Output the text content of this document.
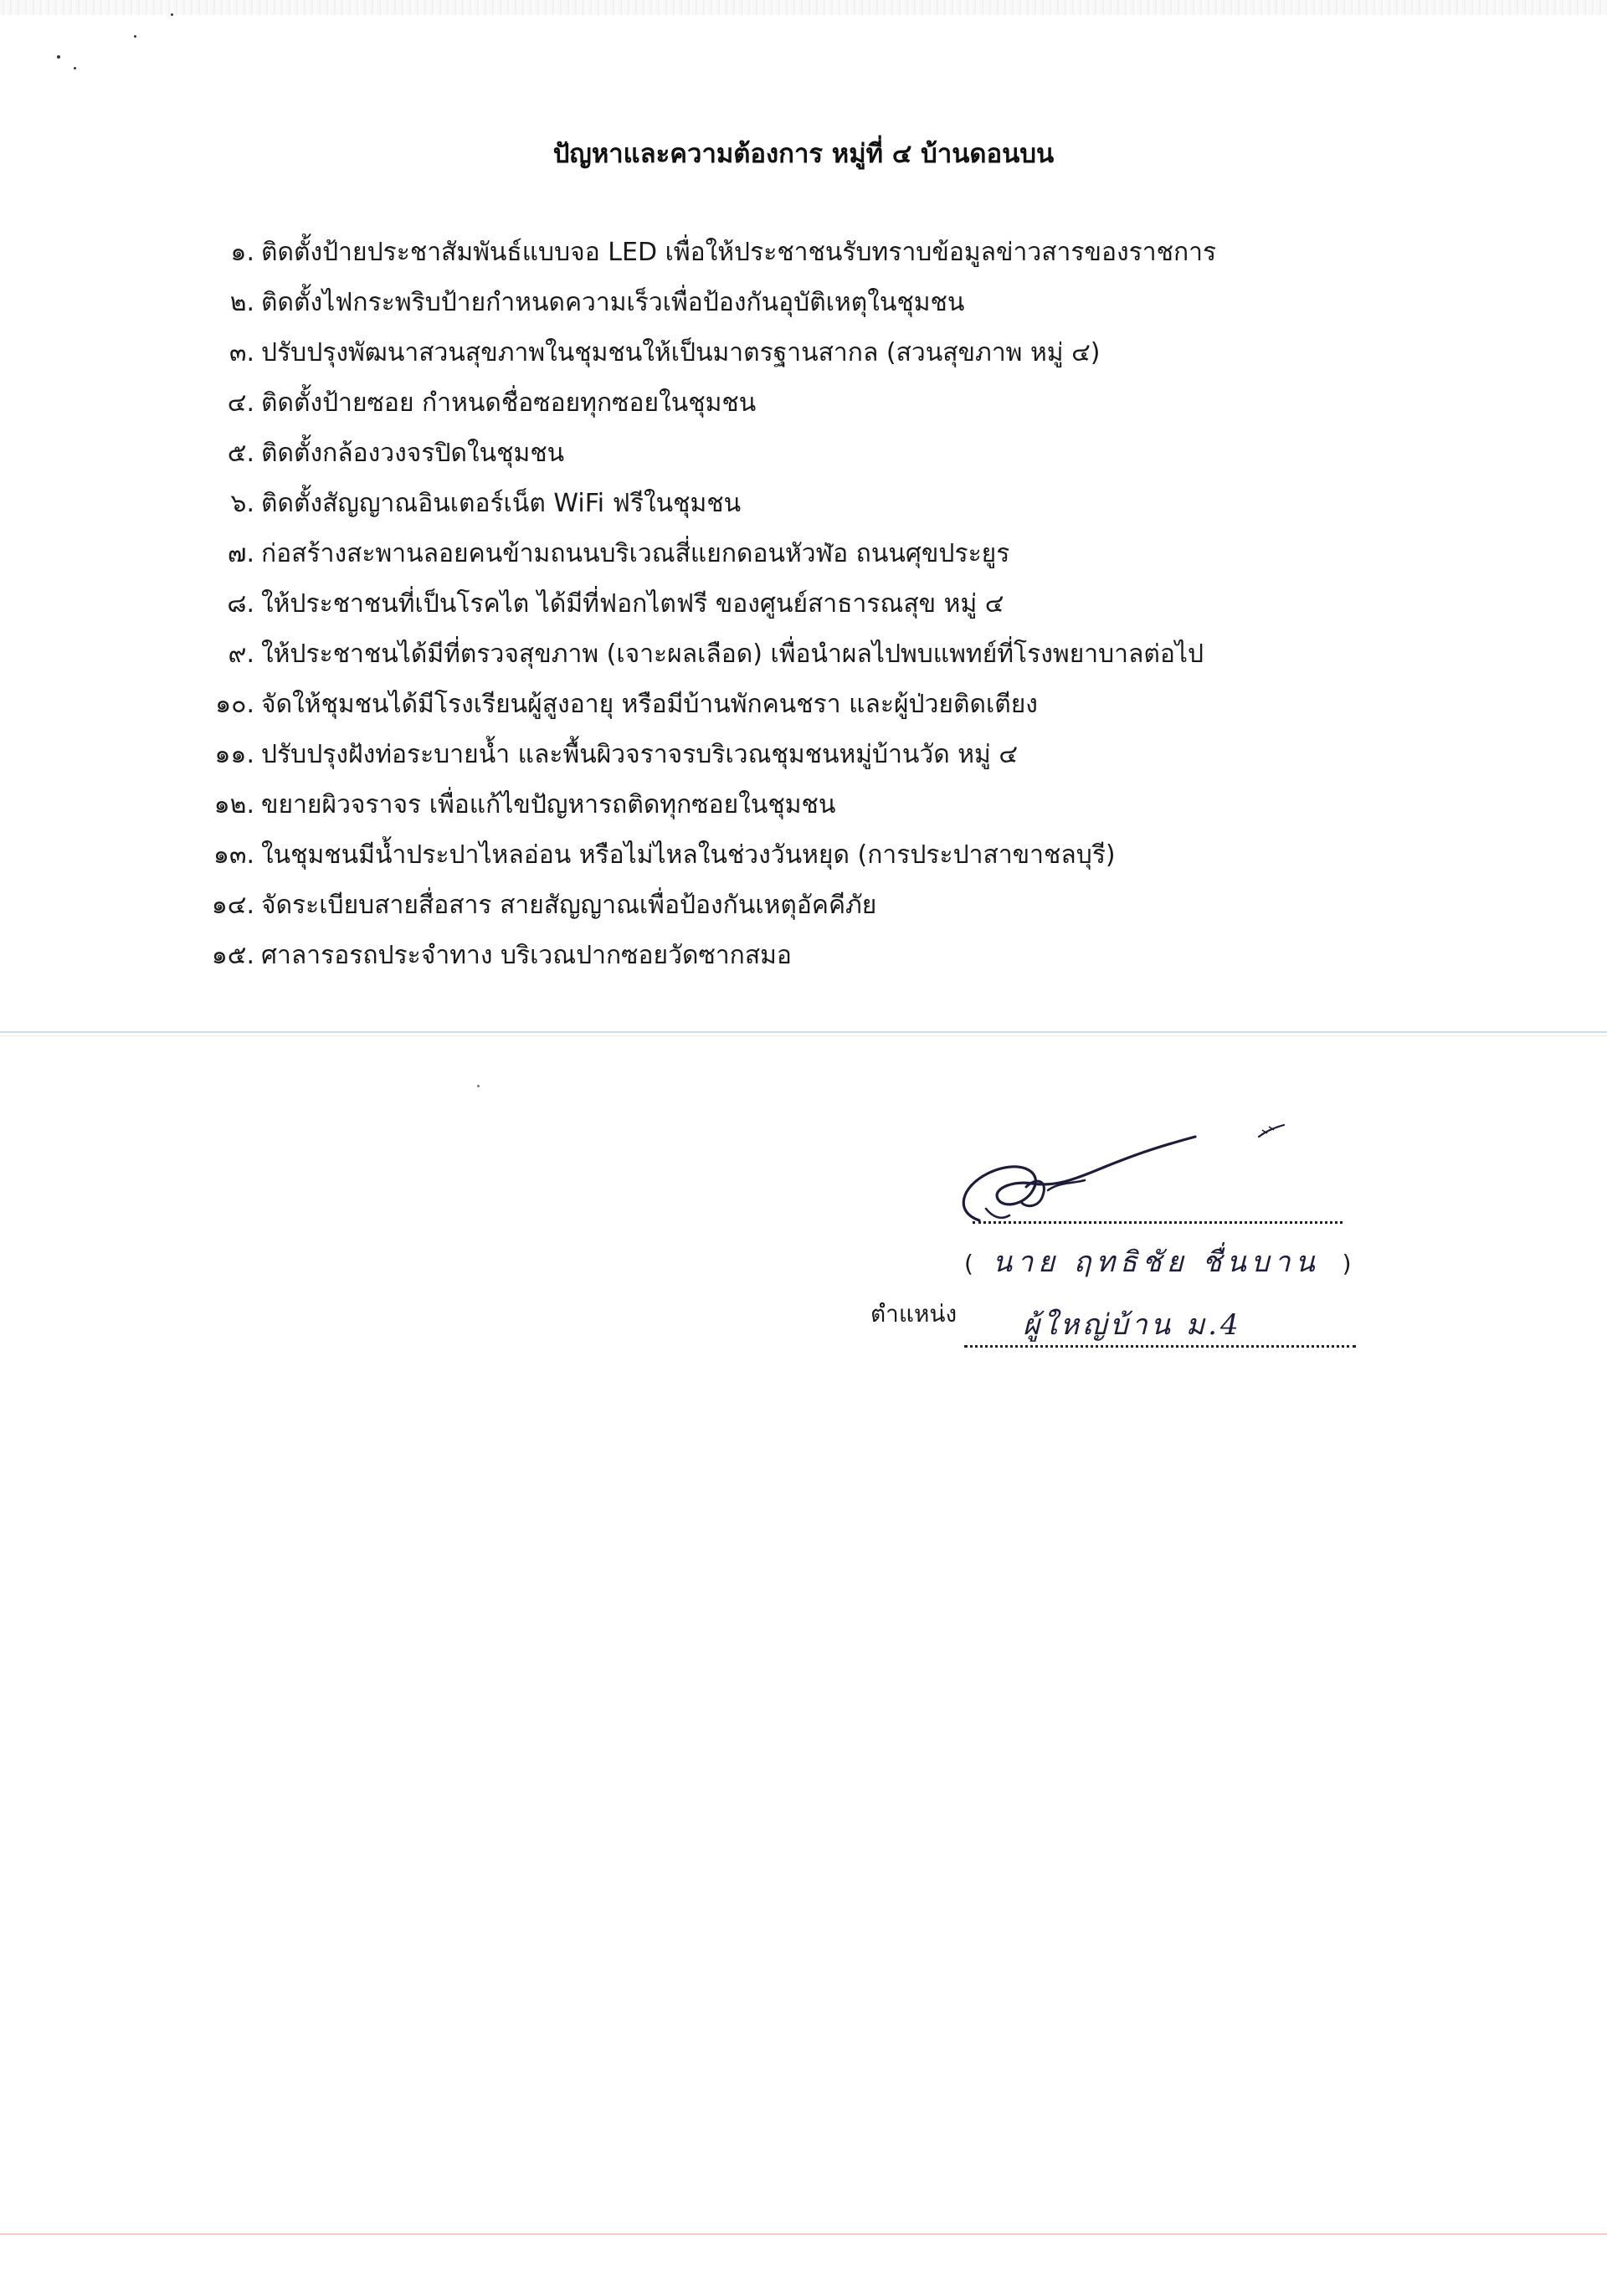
ปัญหาและความต้องการ หมู่ที่ ๔ บ้านดอนบน
๑. ติดตั้งป้ายประชาสัมพันธ์แบบจอ LED เพื่อให้ประชาชนรับทราบข้อมูลข่าวสารของราชการ
๒. ติดตั้งไฟกระพริบป้ายกำหนดความเร็วเพื่อป้องกันอุบัติเหตุในชุมชน
๓. ปรับปรุงพัฒนาสวนสุขภาพในชุมชนให้เป็นมาตรฐานสากล (สวนสุขภาพ หมู่ ๔)
๔. ติดตั้งป้ายซอย กำหนดชื่อซอยทุกซอยในชุมชน
๕. ติดตั้งกล้องวงจรปิดในชุมชน
๖. ติดตั้งสัญญาณอินเตอร์เน็ต WiFi ฟรีในชุมชน
๗. ก่อสร้างสะพานลอยคนข้ามถนนบริเวณสี่แยกดอนหัวฬ่อ ถนนศุขประยูร
๘. ให้ประชาชนที่เป็นโรคไต ได้มีที่ฟอกไตฟรี ของศูนย์สาธารณสุข หมู่ ๔
๙. ให้ประชาชนได้มีที่ตรวจสุขภาพ (เจาะผลเลือด) เพื่อนำผลไปพบแพทย์ที่โรงพยาบาลต่อไป
๑๐. จัดให้ชุมชนได้มีโรงเรียนผู้สูงอายุ หรือมีบ้านพักคนชรา และผู้ป่วยติดเตียง
๑๑. ปรับปรุงฝังท่อระบายน้ำ และพื้นผิวจราจรบริเวณชุมชนหมู่บ้านวัด หมู่ ๔
๑๒. ขยายผิวจราจร เพื่อแก้ไขปัญหารถติดทุกซอยในชุมชน
๑๓. ในชุมชนมีน้ำประปาไหลอ่อน หรือไม่ไหลในช่วงวันหยุด (การประปาสาขาชลบุรี)
๑๔. จัดระเบียบสายสื่อสาร สายสัญญาณเพื่อป้องกันเหตุอัคคีภัย
๑๕. ศาลารอรถประจำทาง บริเวณปากซอยวัดซากสมอ
( นาย ฤทธิชัย ชื่นบาน )
ตำแหน่ง ผู้ใหญ่บ้าน ม.4
